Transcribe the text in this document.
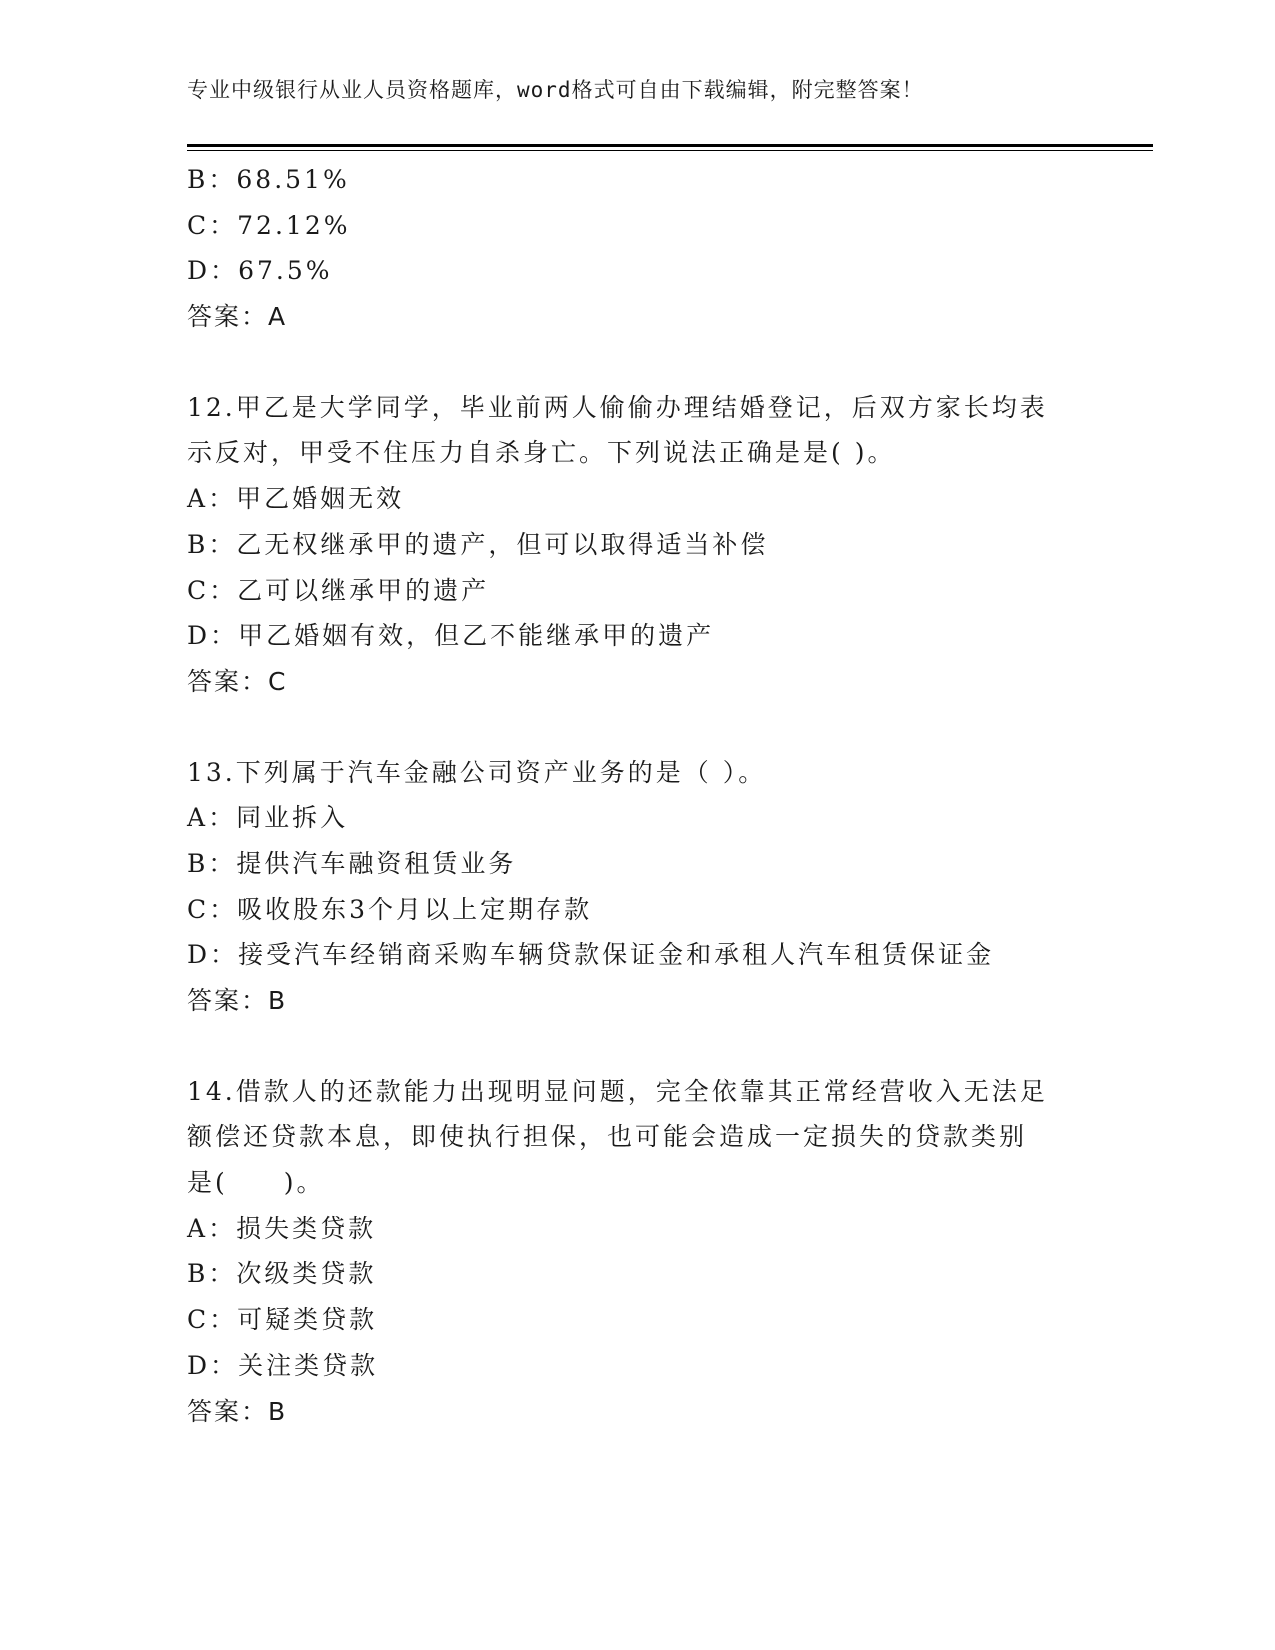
专业中级银行从业人员资格题库，word格式可自由下载编辑，附完整答案！
B：68.51%
C：72.12%
D：67.5%
答案：A
12.甲乙是大学同学，毕业前两人偷偷办理结婚登记，后双方家长均表
示反对，甲受不住压力自杀身亡。下列说法正确是是( )。
A：甲乙婚姻无效
B：乙无权继承甲的遗产，但可以取得适当补偿
C：乙可以继承甲的遗产
D：甲乙婚姻有效，但乙不能继承甲的遗产
答案：C
13.下列属于汽车金融公司资产业务的是（ ）。
A：同业拆入
B：提供汽车融资租赁业务
C：吸收股东3个月以上定期存款
D：接受汽车经销商采购车辆贷款保证金和承租人汽车租赁保证金
答案：B
14.借款人的还款能力出现明显问题，完全依靠其正常经营收入无法足
额偿还贷款本息，即使执行担保，也可能会造成一定损失的贷款类别
是(　　)。
A：损失类贷款
B：次级类贷款
C：可疑类贷款
D：关注类贷款
答案：B
